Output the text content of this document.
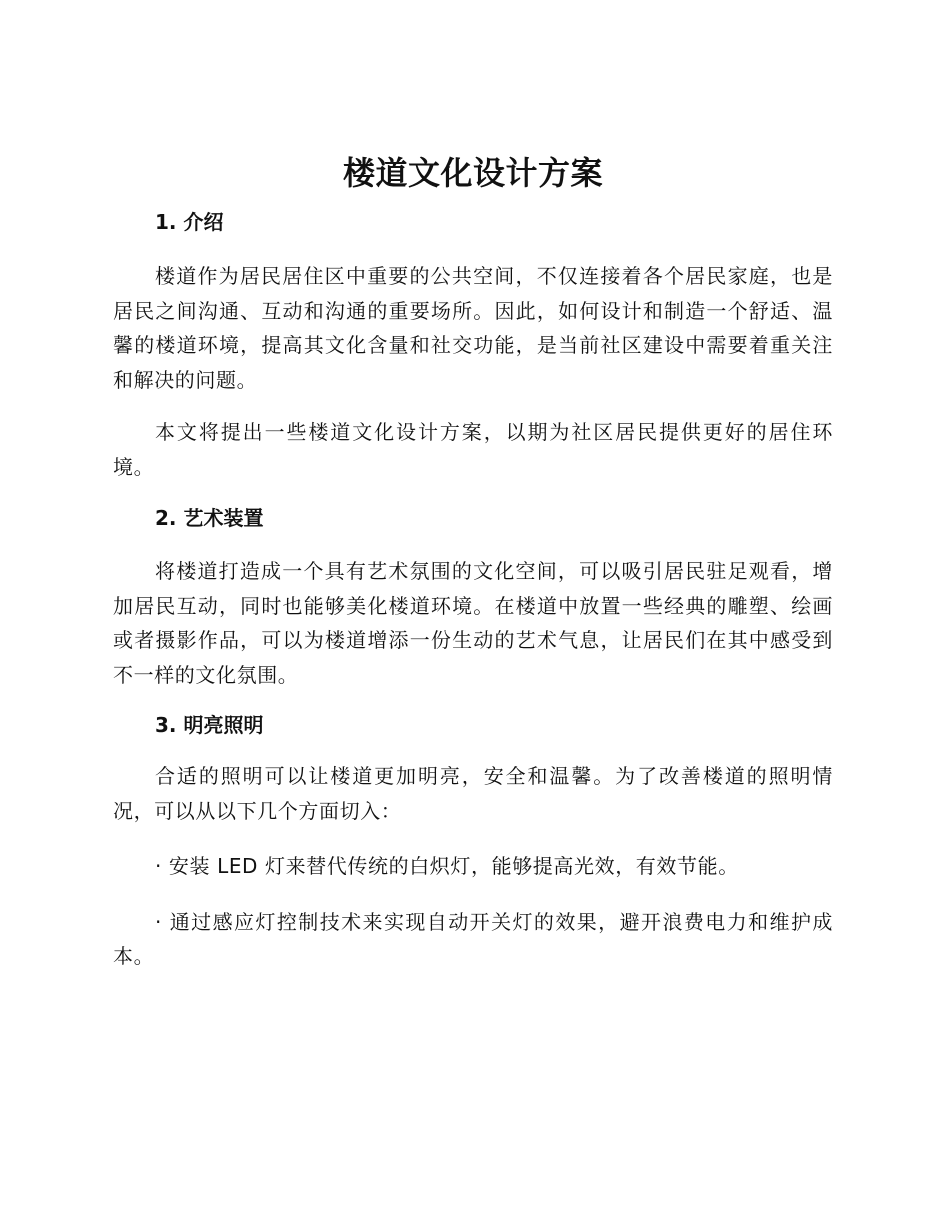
楼道文化设计方案
1. 介绍

楼道作为居民居住区中重要的公共空间，不仅连接着各个居民家庭，也是居民之间沟通、互动和沟通的重要场所。因此，如何设计和制造一个舒适、温馨的楼道环境，提高其文化含量和社交功能，是当前社区建设中需要着重关注和解决的问题。

本文将提出一些楼道文化设计方案，以期为社区居民提供更好的居住环境。

2. 艺术装置

将楼道打造成一个具有艺术氛围的文化空间，可以吸引居民驻足观看，增加居民互动，同时也能够美化楼道环境。在楼道中放置一些经典的雕塑、绘画或者摄影作品，可以为楼道增添一份生动的艺术气息，让居民们在其中感受到不一样的文化氛围。

3. 明亮照明

合适的照明可以让楼道更加明亮，安全和温馨。为了改善楼道的照明情况，可以从以下几个方面切入：

· 安装 LED 灯来替代传统的白炽灯，能够提高光效，有效节能。

· 通过感应灯控制技术来实现自动开关灯的效果，避开浪费电力和维护成本。
